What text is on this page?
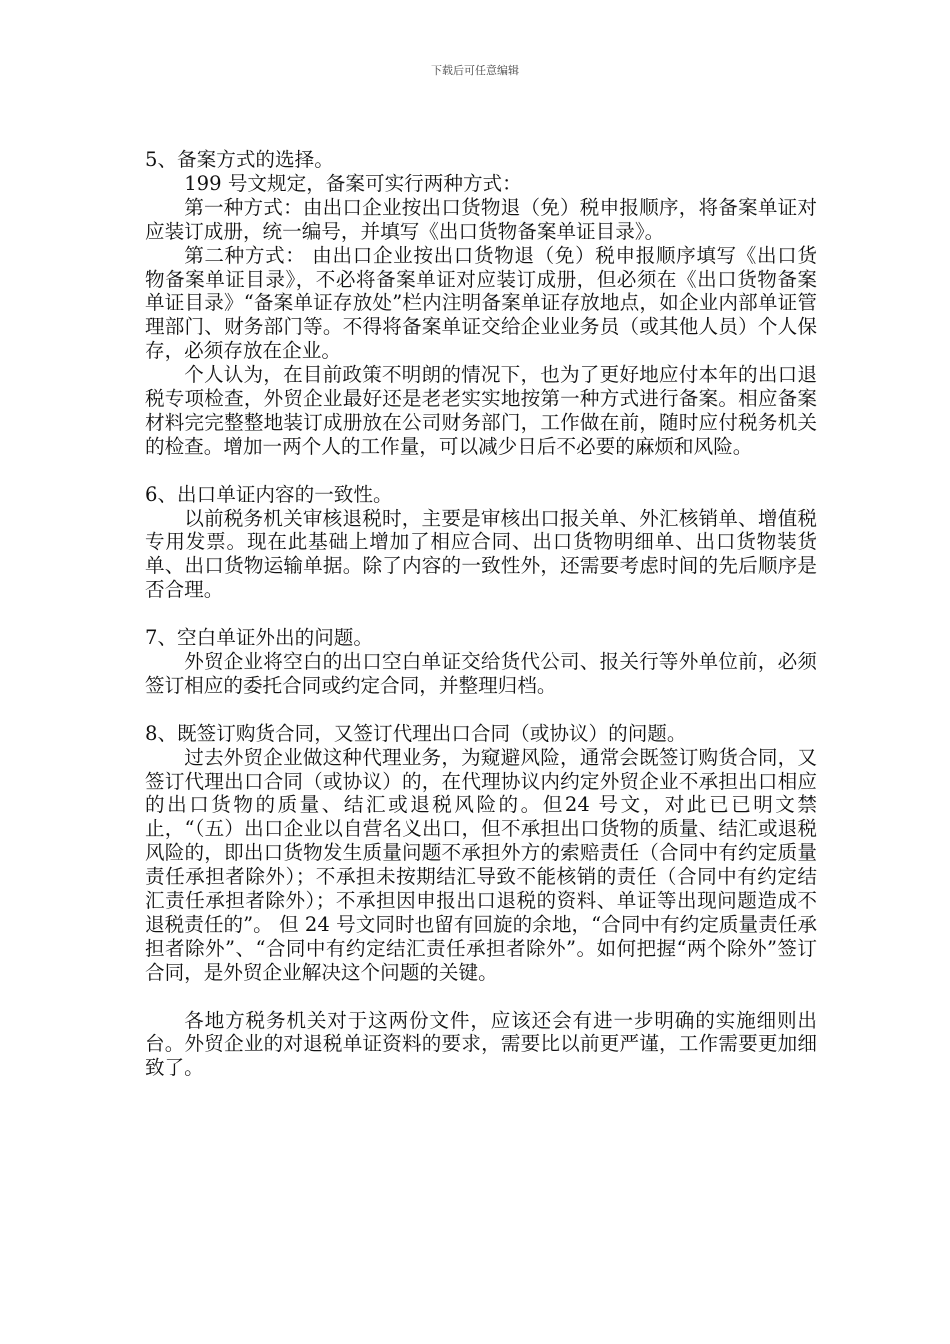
下载后可任意编辑

5、备案方式的选择。

199 号文规定，备案可实行两种方式：

第一种方式：由出口企业按出口货物退（免）税申报顺序，将备案单证对应装订成册，统一编号，并填写《出口货物备案单证目录》。

第二种方式： 由出口企业按出口货物退（免）税申报顺序填写《出口货物备案单证目录》，不必将备案单证对应装订成册，但必须在《出口货物备案单证目录》“备案单证存放处”栏内注明备案单证存放地点，如企业内部单证管理部门、财务部门等。不得将备案单证交给企业业务员（或其他人员）个人保存，必须存放在企业。

个人认为，在目前政策不明朗的情况下，也为了更好地应付本年的出口退税专项检查，外贸企业最好还是老老实实地按第一种方式进行备案。相应备案材料完完整整地装订成册放在公司财务部门，工作做在前，随时应付税务机关的检查。增加一两个人的工作量，可以减少日后不必要的麻烦和风险。

6、出口单证内容的一致性。

以前税务机关审核退税时，主要是审核出口报关单、外汇核销单、增值税专用发票。现在此基础上增加了相应合同、出口货物明细单、出口货物装货单、出口货物运输单据。除了内容的一致性外，还需要考虑时间的先后顺序是否合理。

7、空白单证外出的问题。

外贸企业将空白的出口空白单证交给货代公司、报关行等外单位前，必须签订相应的委托合同或约定合同，并整理归档。

8、既签订购货合同，又签订代理出口合同（或协议）的问题。

过去外贸企业做这种代理业务，为窥避风险，通常会既签订购货合同，又签订代理出口合同（或协议）的，在代理协议内约定外贸企业不承担出口相应的出口货物的质量、结汇或退税风险的。但24 号文，对此已已明文禁止，“（五）出口企业以自营名义出口，但不承担出口货物的质量、结汇或退税风险的，即出口货物发生质量问题不承担外方的索赔责任（合同中有约定质量责任承担者除外）；不承担未按期结汇导致不能核销的责任（合同中有约定结汇责任承担者除外）；不承担因申报出口退税的资料、单证等出现问题造成不退税责任的”。 但 24 号文同时也留有回旋的余地，“合同中有约定质量责任承担者除外”、“合同中有约定结汇责任承担者除外”。如何把握“两个除外”签订合同，是外贸企业解决这个问题的关键。

各地方税务机关对于这两份文件，应该还会有进一步明确的实施细则出台。外贸企业的对退税单证资料的要求，需要比以前更严谨，工作需要更加细致了。
